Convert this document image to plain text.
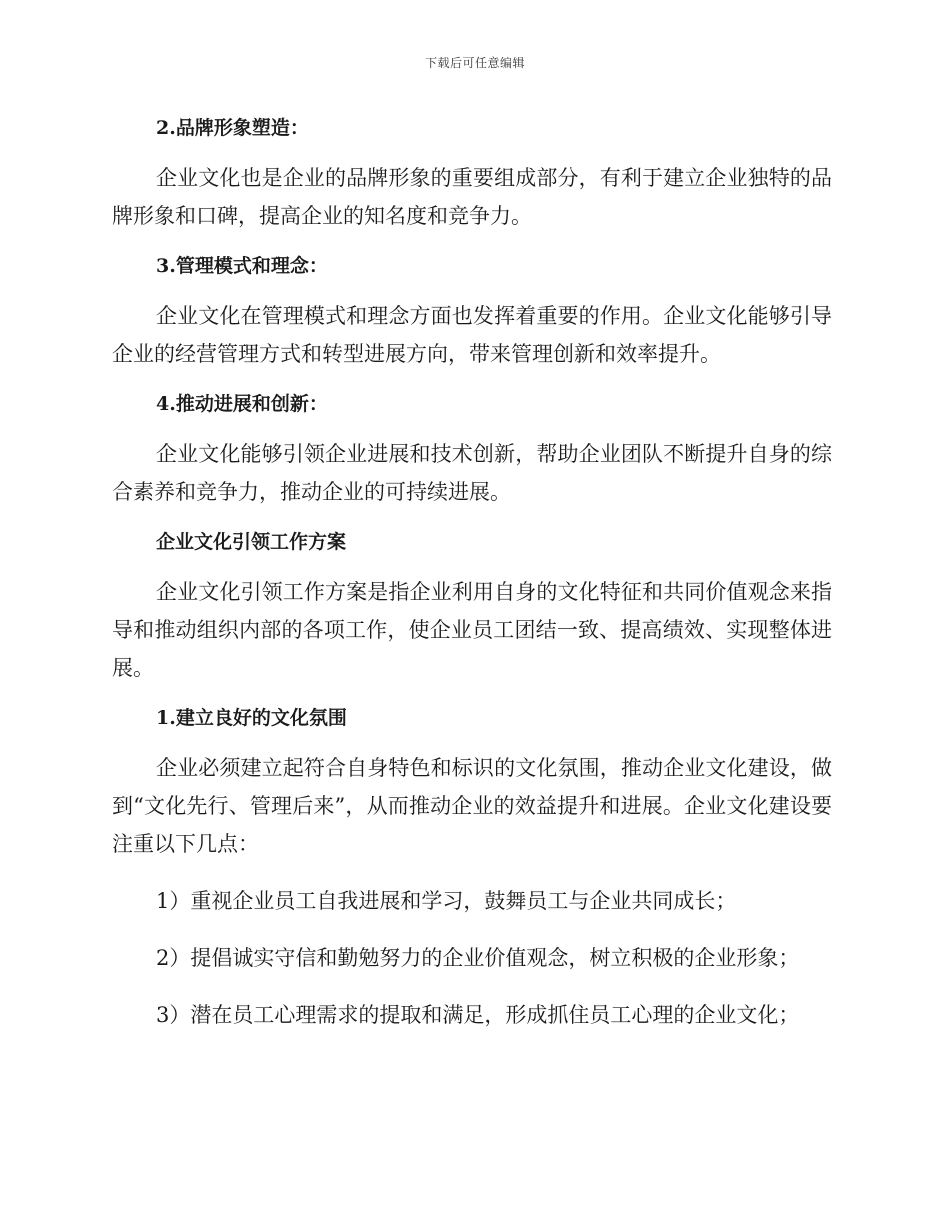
下载后可任意编辑
2.品牌形象塑造：

企业文化也是企业的品牌形象的重要组成部分，有利于建立企业独特的品牌形象和口碑，提高企业的知名度和竞争力。

3.管理模式和理念：

企业文化在管理模式和理念方面也发挥着重要的作用。企业文化能够引导企业的经营管理方式和转型进展方向，带来管理创新和效率提升。

4.推动进展和创新：

企业文化能够引领企业进展和技术创新，帮助企业团队不断提升自身的综合素养和竞争力，推动企业的可持续进展。

企业文化引领工作方案

企业文化引领工作方案是指企业利用自身的文化特征和共同价值观念来指导和推动组织内部的各项工作，使企业员工团结一致、提高绩效、实现整体进展。

1.建立良好的文化氛围

企业必须建立起符合自身特色和标识的文化氛围，推动企业文化建设，做到“文化先行、管理后来”，从而推动企业的效益提升和进展。企业文化建设要注重以下几点：

1）重视企业员工自我进展和学习，鼓舞员工与企业共同成长；

2）提倡诚实守信和勤勉努力的企业价值观念，树立积极的企业形象；

3）潜在员工心理需求的提取和满足，形成抓住员工心理的企业文化；
